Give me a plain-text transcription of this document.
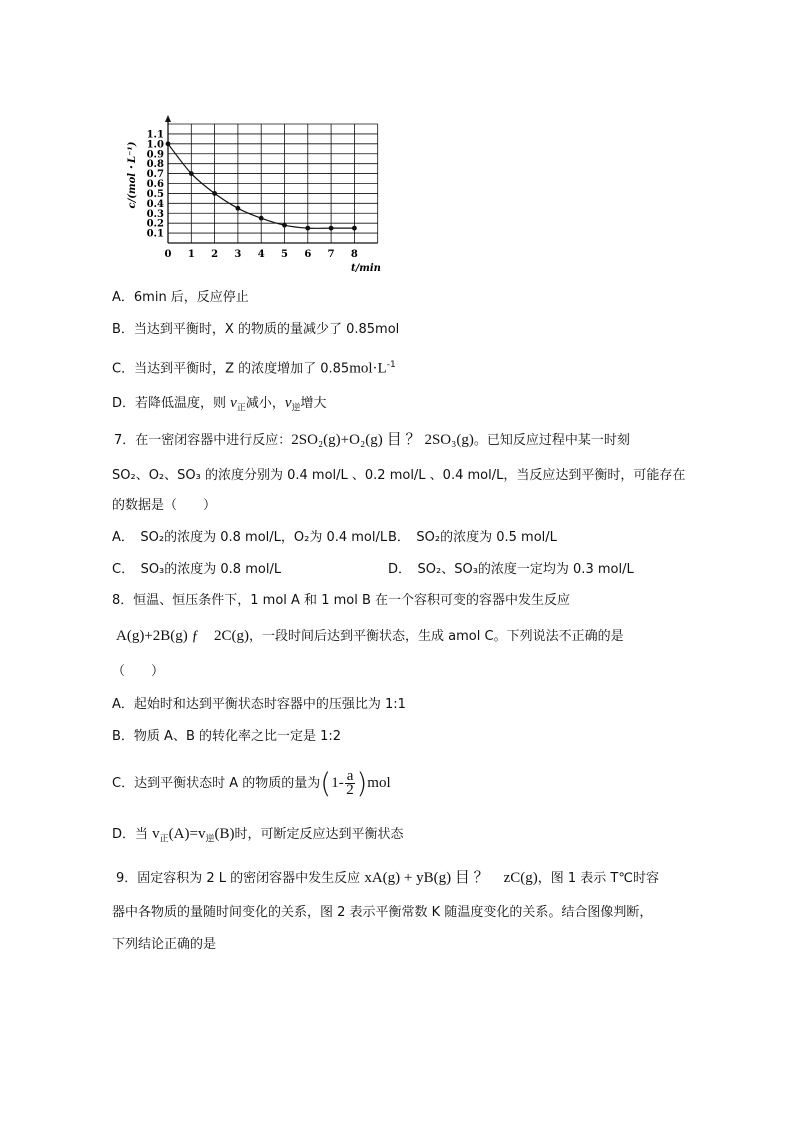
0.1
0.2
0.3
0.4
0.5
0.6
0.7
0.8
0.9
1.0
1.1
0 1 2 3 4 5 6 7 8
c/(mol・L⁻¹)
t/min
A．6min 后，反应停止
B．当达到平衡时，X 的物质的量减少了 0.85mol
C．当达到平衡时，Z 的浓度增加了 $0.85mol\cdot L^{-1}$
D．若降低温度，则 $v_正$减小，$v_逆$增大
7．在一密闭容器中进行反应：2SO₂(g)+O₂(g) 目 ？ 2SO₃(g)。已知反应过程中某一时刻
SO₂、O₂、SO₃ 的浓度分别为 0.4 mol/L 、0.2 mol/L 、0.4 mol/L，当反应达到平衡时，可能存在
的数据是（　　）
A．　SO₂的浓度为 0.8 mol/L，O₂为 0.4 mol/L B．　SO₂的浓度为 0.5 mol/L
C．　SO₃的浓度为 0.8 mol/L	D．　SO₂、SO₃的浓度一定均为 0.3 mol/L
8．恒温、恒压条件下，1 mol A 和 1 mol B 在一个容积可变的容器中发生反应
A(g)+2B(g) ƒ　2C(g)，一段时间后达到平衡状态，生成 amol C。下列说法不正确的是
（　　）
A．起始时和达到平衡状态时容器中的压强比为 1:1
B．物质 A、B 的转化率之比一定是 1:2
C．达到平衡状态时 A 的物质的量为$(1- \frac{a}{2} )mol$
D．当 $v_正(A)=v_逆(B)$时，可断定反应达到平衡状态
9．固定容积为 2 L 的密闭容器中发生反应 xA(g) + yB(g) 目 ？　zC(g)，图 1 表示 T℃时容
器中各物质的量随时间变化的关系，图 2 表示平衡常数 K 随温度变化的关系。结合图像判断，
下列结论正确的是
